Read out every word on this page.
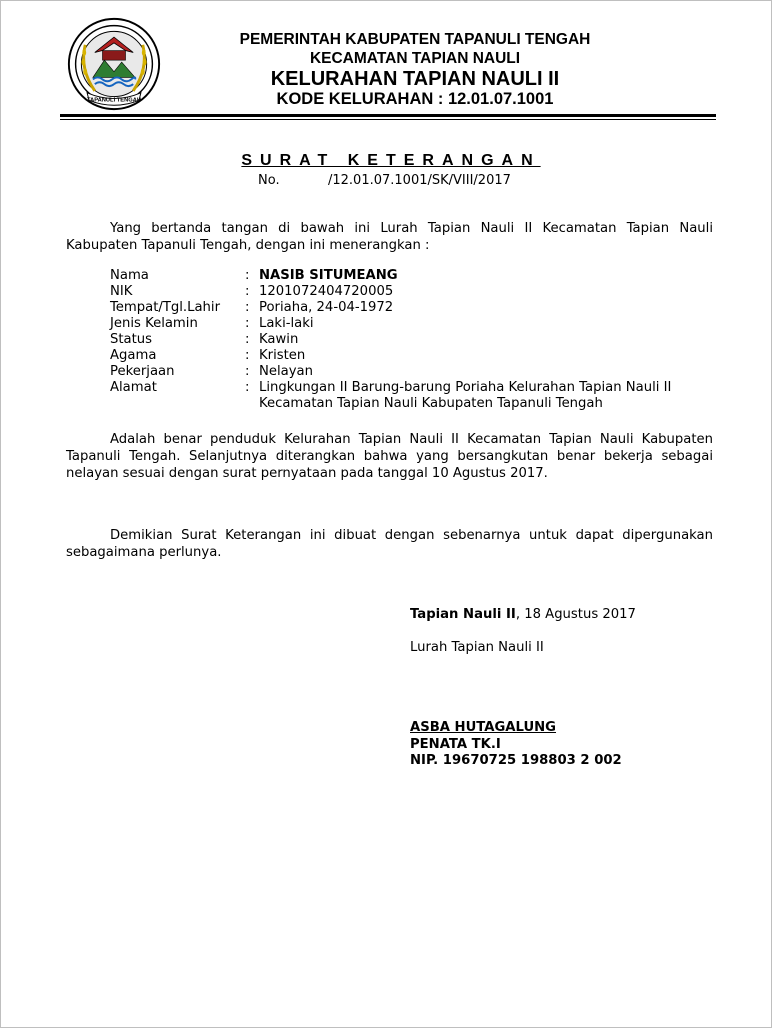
TAPANULI TENGAH
PEMERINTAH KABUPATEN TAPANULI TENGAH
KECAMATAN TAPIAN NAULI
KELURAHAN TAPIAN NAULI II
KODE KELURAHAN : 12.01.07.1001
SURAT KETERANGAN
No.	/12.01.07.1001/SK/VIII/2017
Yang bertanda tangan di bawah ini Lurah Tapian Nauli II Kecamatan Tapian Nauli Kabupaten Tapanuli Tengah, dengan ini menerangkan :
Nama	: NASIB SITUMEANG
NIK	: 1201072404720005
Tempat/Tgl.Lahir	: Poriaha, 24-04-1972
Jenis Kelamin	: Laki-laki
Status	: Kawin
Agama	: Kristen
Pekerjaan	: Nelayan
Alamat	: Lingkungan II Barung-barung Poriaha Kelurahan Tapian Nauli II Kecamatan Tapian Nauli Kabupaten Tapanuli Tengah
Adalah benar penduduk Kelurahan Tapian Nauli II Kecamatan Tapian Nauli Kabupaten Tapanuli Tengah. Selanjutnya diterangkan bahwa yang bersangkutan benar bekerja sebagai nelayan sesuai dengan surat pernyataan pada tanggal 10 Agustus 2017.
Demikian Surat Keterangan ini dibuat dengan sebenarnya untuk dapat dipergunakan sebagaimana perlunya.
Tapian Nauli II, 18 Agustus 2017
Lurah Tapian Nauli II
ASBA HUTAGALUNG
PENATA TK.I
NIP. 19670725 198803 2 002
